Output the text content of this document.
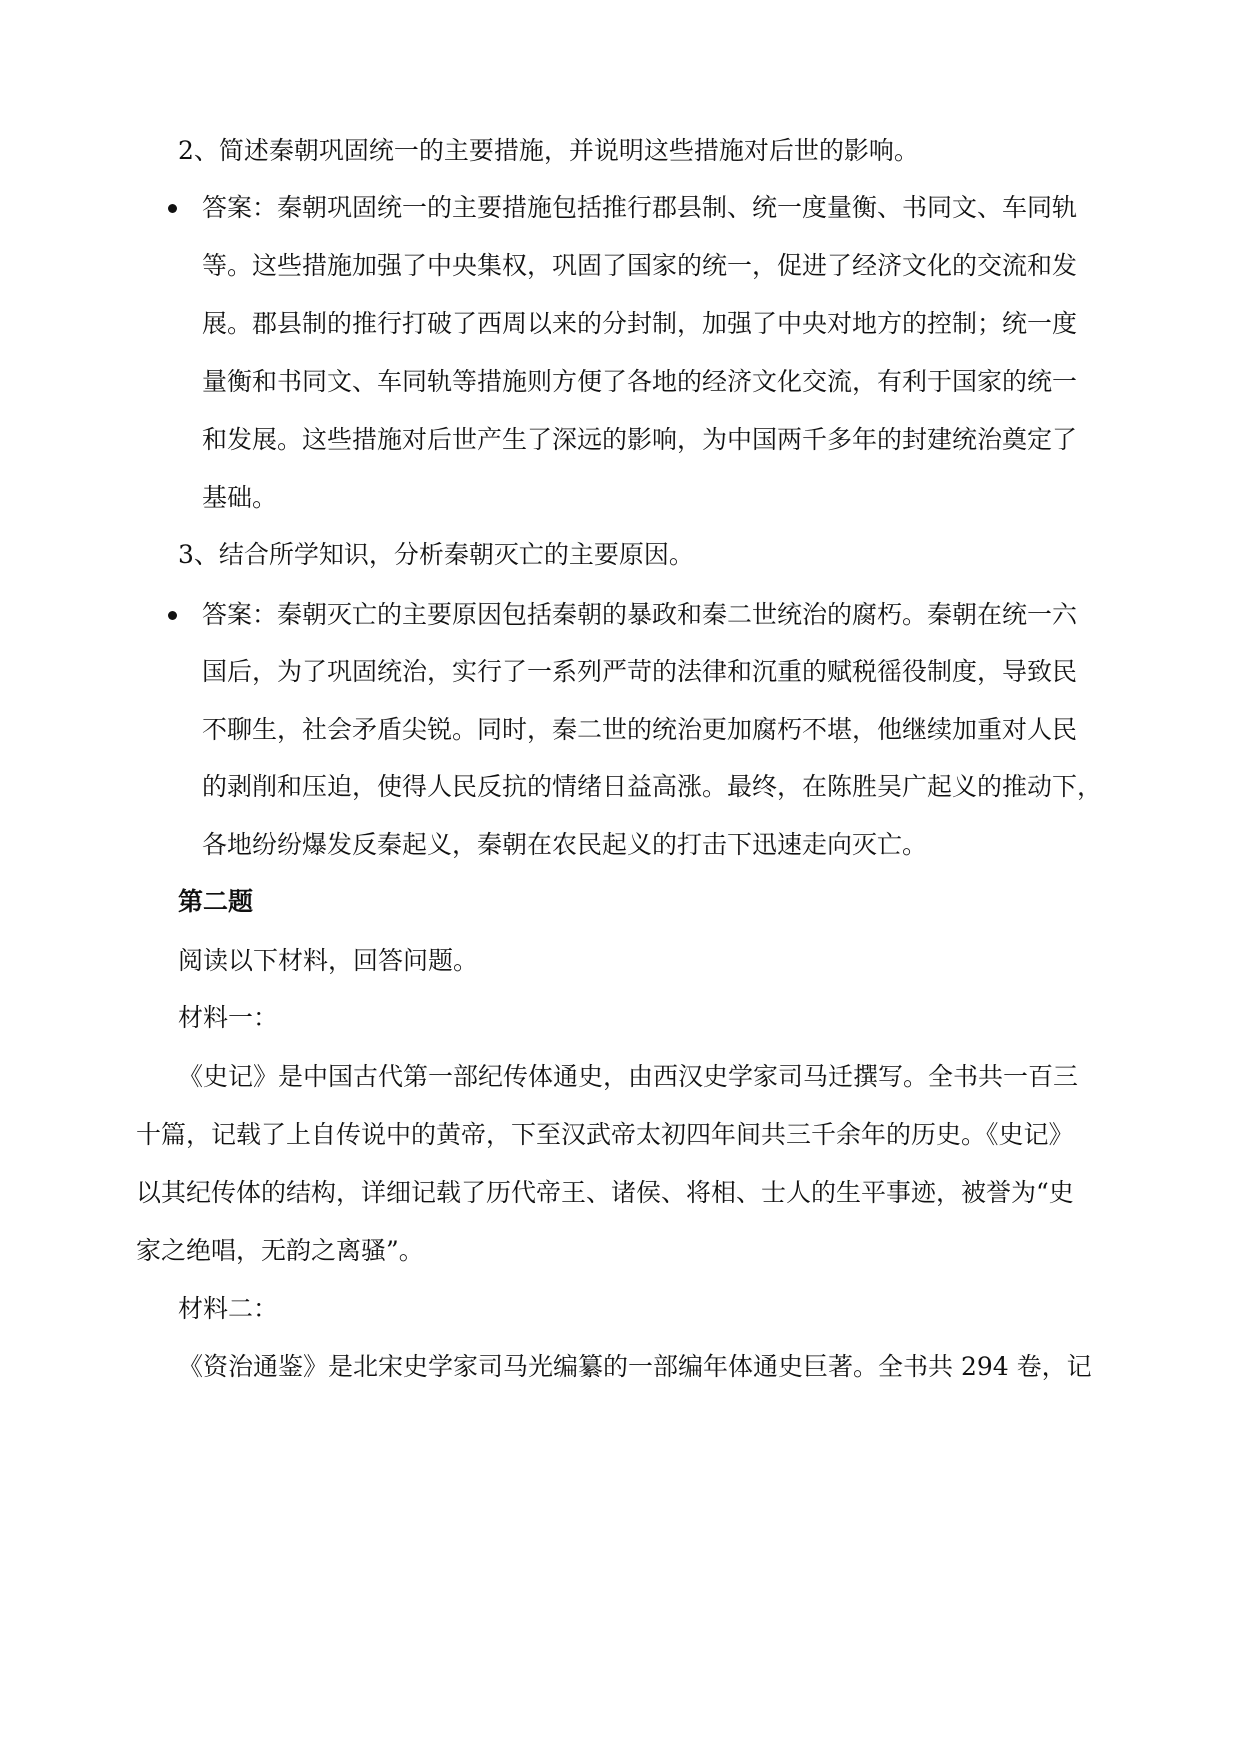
2、简述秦朝巩固统一的主要措施，并说明这些措施对后世的影响。
答案：秦朝巩固统一的主要措施包括推行郡县制、统一度量衡、书同文、车同轨
等。这些措施加强了中央集权，巩固了国家的统一，促进了经济文化的交流和发
展。郡县制的推行打破了西周以来的分封制，加强了中央对地方的控制；统一度
量衡和书同文、车同轨等措施则方便了各地的经济文化交流，有利于国家的统一
和发展。这些措施对后世产生了深远的影响，为中国两千多年的封建统治奠定了
基础。
3、结合所学知识，分析秦朝灭亡的主要原因。
答案：秦朝灭亡的主要原因包括秦朝的暴政和秦二世统治的腐朽。秦朝在统一六
国后，为了巩固统治，实行了一系列严苛的法律和沉重的赋税徭役制度，导致民
不聊生，社会矛盾尖锐。同时，秦二世的统治更加腐朽不堪，他继续加重对人民
的剥削和压迫，使得人民反抗的情绪日益高涨。最终，在陈胜吴广起义的推动下，
各地纷纷爆发反秦起义，秦朝在农民起义的打击下迅速走向灭亡。
第二题
阅读以下材料，回答问题。
材料一：
《史记》是中国古代第一部纪传体通史，由西汉史学家司马迁撰写。全书共一百三
十篇，记载了上自传说中的黄帝，下至汉武帝太初四年间共三千余年的历史。《史记》
以其纪传体的结构，详细记载了历代帝王、诸侯、将相、士人的生平事迹，被誉为“史
家之绝唱，无韵之离骚”。
材料二：
《资治通鉴》是北宋史学家司马光编纂的一部编年体通史巨著。全书共 294 卷，记
